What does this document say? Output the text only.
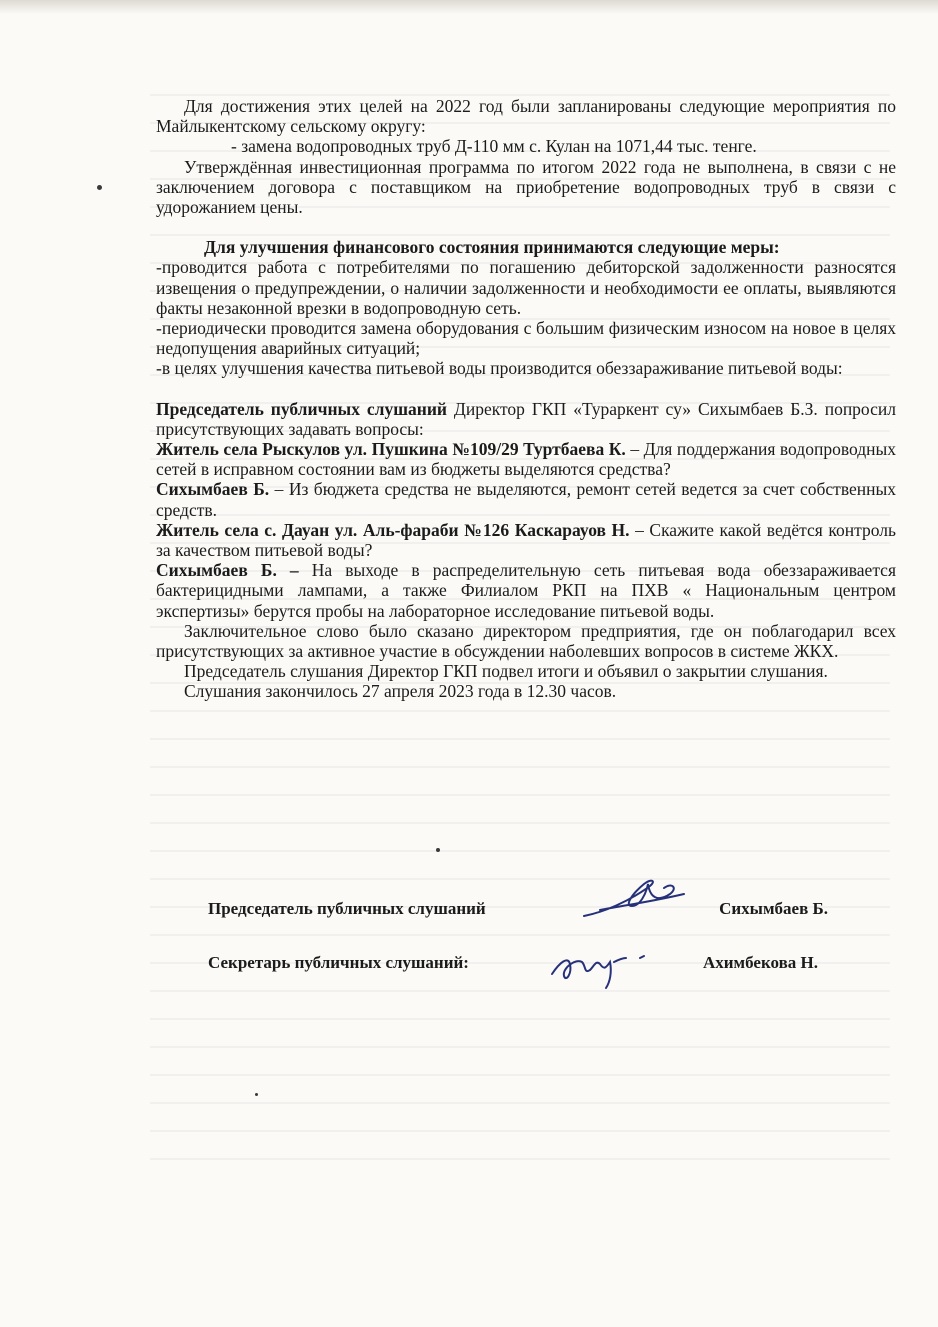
Для достижения этих целей на 2022 год были запланированы следующие мероприятия по Майлыкентскому сельскому округу:

- замена водопроводных труб Д-110 мм с. Кулан на 1071,44 тыс. тенге.

Утверждённая инвестиционная программа по итогом 2022 года не выполнена, в связи с не заключением договора с поставщиком на приобретение водопроводных труб в связи с удорожанием цены.

Для улучшения финансового состояния принимаются следующие меры:

-проводится работа с потребителями по погашению дебиторской задолженности разносятся извещения о предупреждении, о наличии задолженности и необходимости ее оплаты, выявляются факты незаконной врезки в водопроводную сеть.

-периодически проводится замена оборудования с большим физическим износом на новое в целях недопущения аварийных ситуаций;

-в целях улучшения качества питьевой воды производится обеззараживание питьевой воды:

Председатель публичных слушаний Директор ГКП «Тураркент су» Сихымбаев Б.З. попросил присутствующих задавать вопросы:

Житель села Рыскулов ул. Пушкина №109/29 Туртбаева К. – Для поддержания водопроводных сетей в исправном состоянии вам из бюджеты выделяются средства?

Сихымбаев Б. – Из бюджета средства не выделяются, ремонт сетей ведется за счет собственных средств.

Житель села с. Дауан ул. Аль-фараби №126 Каскарауов Н. – Скажите какой ведётся контроль за качеством питьевой воды?

Сихымбаев Б. – На выходе в распределительную сеть питьевая вода обеззараживается бактерицидными лампами, а также Филиалом РКП на ПХВ « Национальным центром экспертизы» берутся пробы на лабораторное исследование питьевой воды.

Заключительное слово было сказано директором предприятия, где он поблагодарил всех присутствующих за активное участие в обсуждении наболевших вопросов в системе ЖКХ.

Председатель слушания Директор ГКП подвел итоги и объявил о закрытии слушания.

Слушания закончилось 27 апреля 2023 года в 12.30 часов.

Председатель публичных слушаний	Сихымбаев Б.
Секретарь публичных слушаний:	Ахимбекова Н.
